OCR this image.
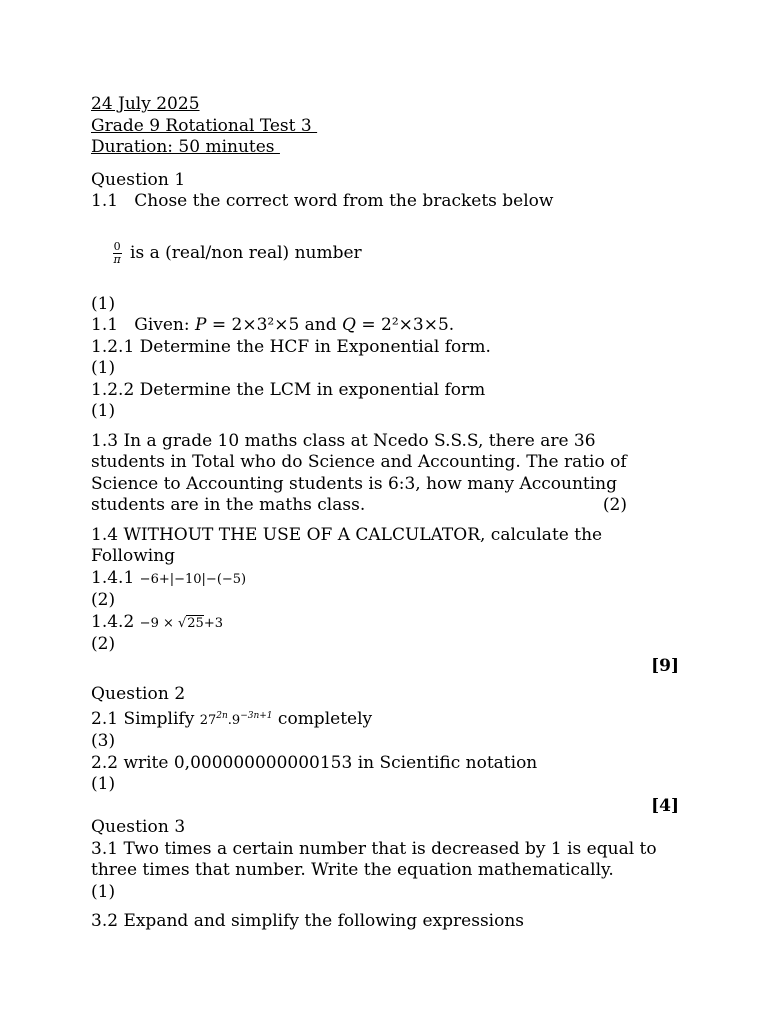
24 July 2025
Grade 9 Rotational Test 3
Duration: 50 minutes
Question 1
1.1   Chose the correct word from the brackets below

$\frac{0}{\pi}$ is a (real/non real) number

(1)
1.1   Given: P = 2×3²×5 and Q = 2²×3×5.
1.2.1 Determine the HCF in Exponential form.
(1)
1.2.2 Determine the LCM in exponential form
(1)
1.3 In a grade 10 maths class at Ncedo S.S.S, there are 36
students in Total who do Science and Accounting. The ratio of
Science to Accounting students is 6:3, how many Accounting
students are in the maths class.	(2)
1.4 WITHOUT THE USE OF A CALCULATOR, calculate the
Following
1.4.1 −6+|−10|−(−5)
(2)
1.4.2 −9 × √25+3
(2)
[9]
Question 2
2.1 Simplify $27^{2n}.9^{-3n+1}$ completely
(3)
2.2 write 0,000000000000153 in Scientific notation
(1)
[4]
Question 3
3.1 Two times a certain number that is decreased by 1 is equal to
three times that number. Write the equation mathematically.
(1)
3.2 Expand and simplify the following expressions
